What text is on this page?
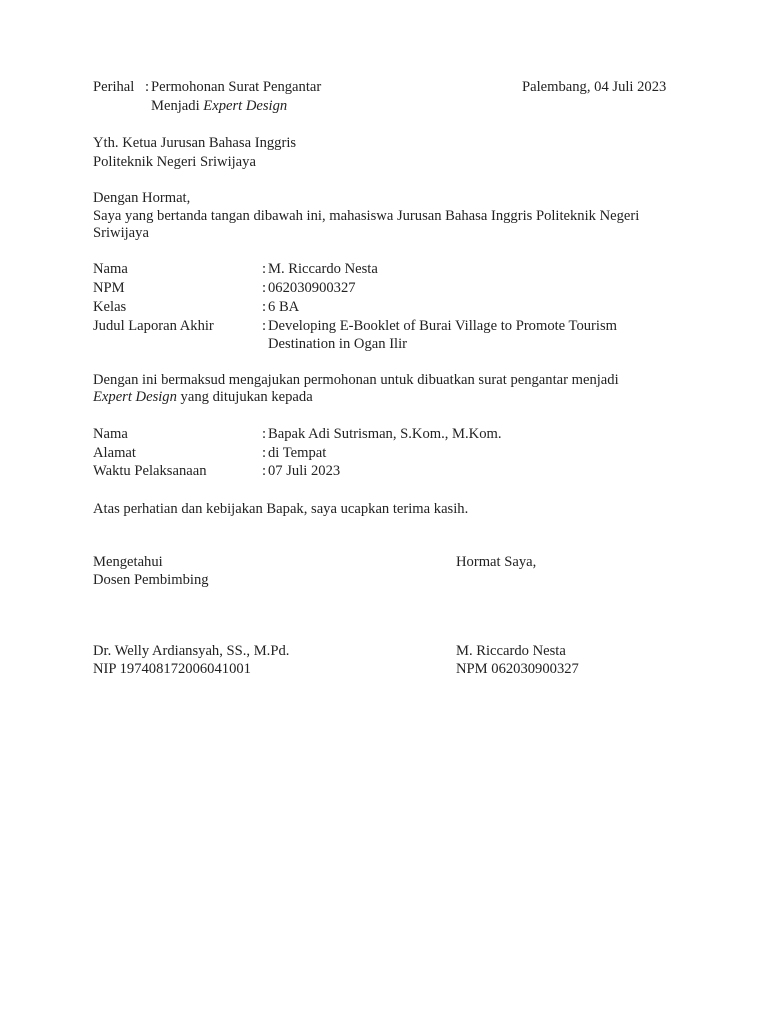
Perihal : Permohonan Surat Pengantar
Menjadi Expert Design
Palembang, 04 Juli 2023
Yth. Ketua Jurusan Bahasa Inggris
Politeknik Negeri Sriwijaya
Dengan Hormat,
Saya yang bertanda tangan dibawah ini, mahasiswa Jurusan Bahasa Inggris Politeknik Negeri
Sriwijaya
Nama	: M. Riccardo Nesta
NPM	: 062030900327
Kelas	: 6 BA
Judul Laporan Akhir	: Developing E-Booklet of Burai Village to Promote Tourism
Destination in Ogan Ilir
Dengan ini bermaksud mengajukan permohonan untuk dibuatkan surat pengantar menjadi
Expert Design yang ditujukan kepada
Nama	: Bapak Adi Sutrisman, S.Kom., M.Kom.
Alamat	: di Tempat
Waktu Pelaksanaan	: 07 Juli 2023
Atas perhatian dan kebijakan Bapak, saya ucapkan terima kasih.
Mengetahui
Dosen Pembimbing
Hormat Saya,
Dr. Welly Ardiansyah, SS., M.Pd.
NIP 197408172006041001
M. Riccardo Nesta
NPM 062030900327
